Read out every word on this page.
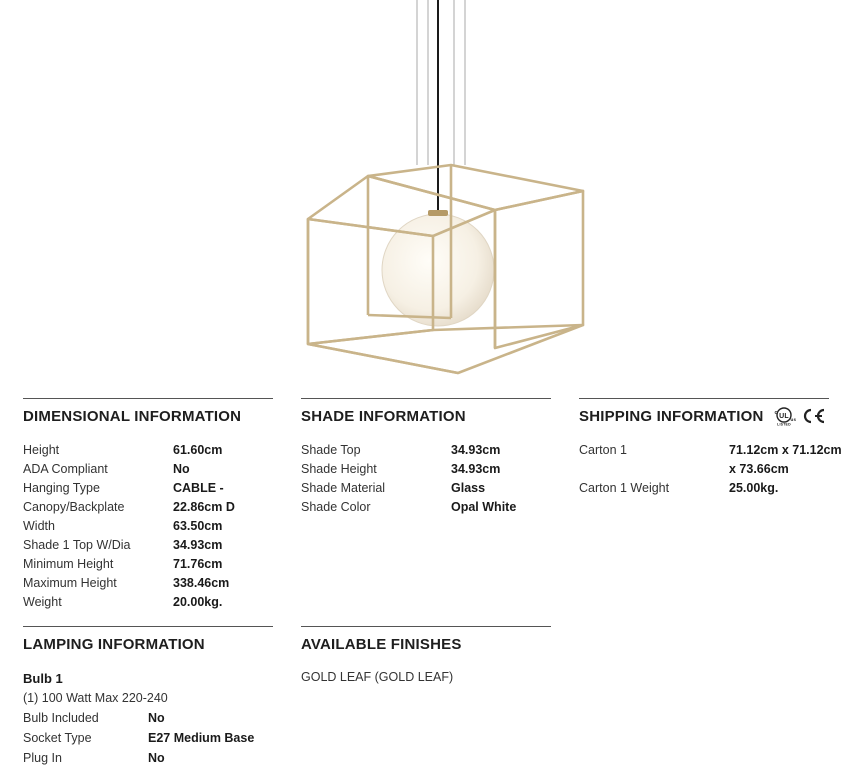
DIMENSIONAL INFORMATION
Height	61.60cm
ADA Compliant	No
Hanging Type	CABLE -
Canopy/Backplate	22.86cm D
Width	63.50cm
Shade 1 Top W/Dia	34.93cm
Minimum Height	71.76cm
Maximum Height	338.46cm
Weight	20.00kg.
SHADE INFORMATION
Shade Top	34.93cm
Shade Height	34.93cm
Shade Material	Glass
Shade Color	Opal White
SHIPPING INFORMATION UL
c
us
LISTED
Carton 1	71.12cm x 71.12cm
x 73.66cm
Carton 1 Weight	25.00kg.
LAMPING INFORMATION
Bulb 1
(1) 100 Watt Max 220-240
Bulb Included	No
Socket Type	E27 Medium Base
Plug In	No
AVAILABLE FINISHES
GOLD LEAF (GOLD LEAF)
